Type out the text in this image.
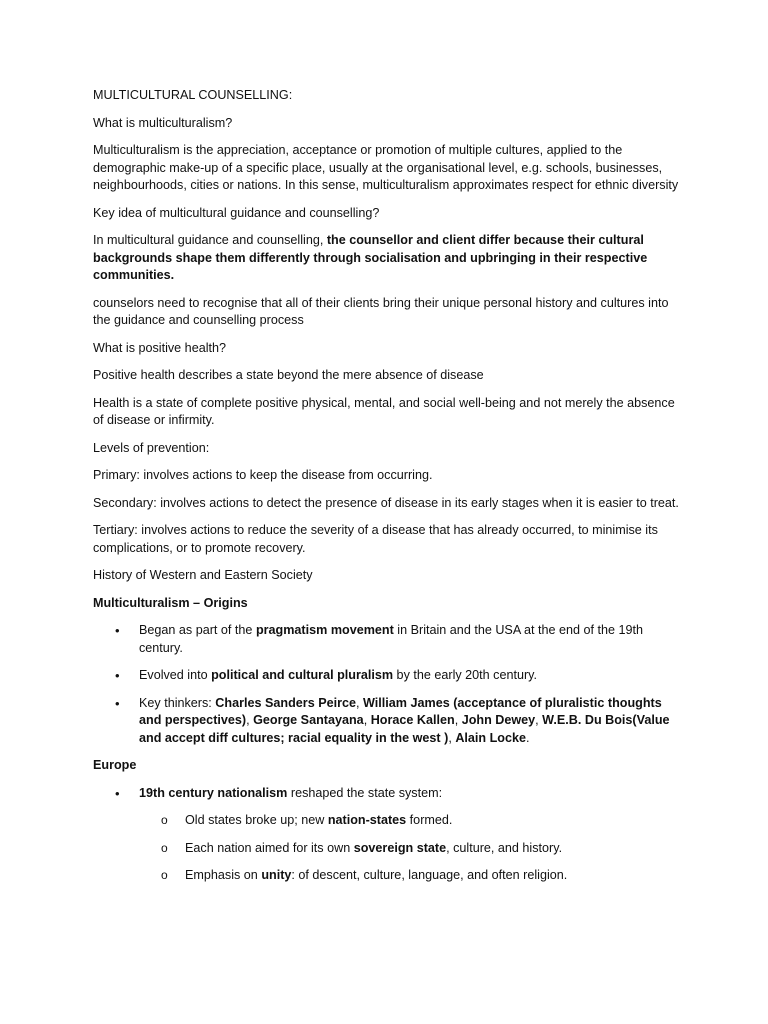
MULTICULTURAL COUNSELLING:

What is multiculturalism?

Multiculturalism is the appreciation, acceptance or promotion of multiple cultures, applied to the demographic make-up of a specific place, usually at the organisational level, e.g. schools, businesses, neighbourhoods, cities or nations. In this sense, multiculturalism approximates respect for ethnic diversity

Key idea of multicultural guidance and counselling?

In multicultural guidance and counselling, the counsellor and client differ because their cultural backgrounds shape them differently through socialisation and upbringing in their respective communities.

counselors need to recognise that all of their clients bring their unique personal history and cultures into the guidance and counselling process

What is positive health?

Positive health describes a state beyond the mere absence of disease

Health is a state of complete positive physical, mental, and social well-being and not merely the absence of disease or infirmity.

Levels of prevention:

Primary: involves actions to keep the disease from occurring.

Secondary: involves actions to detect the presence of disease in its early stages when it is easier to treat.

Tertiary: involves actions to reduce the severity of a disease that has already occurred, to minimise its complications, or to promote recovery.

History of Western and Eastern Society

Multiculturalism – Origins

• Began as part of the pragmatism movement in Britain and the USA at the end of the 19th century.
• Evolved into political and cultural pluralism by the early 20th century.
• Key thinkers: Charles Sanders Peirce, William James (acceptance of pluralistic thoughts and perspectives), George Santayana, Horace Kallen, John Dewey, W.E.B. Du Bois(Value and accept diff cultures; racial equality in the west ), Alain Locke.

Europe

• 19th century nationalism reshaped the state system:
o Old states broke up; new nation-states formed.
o Each nation aimed for its own sovereign state, culture, and history.
o Emphasis on unity: of descent, culture, language, and often religion.
